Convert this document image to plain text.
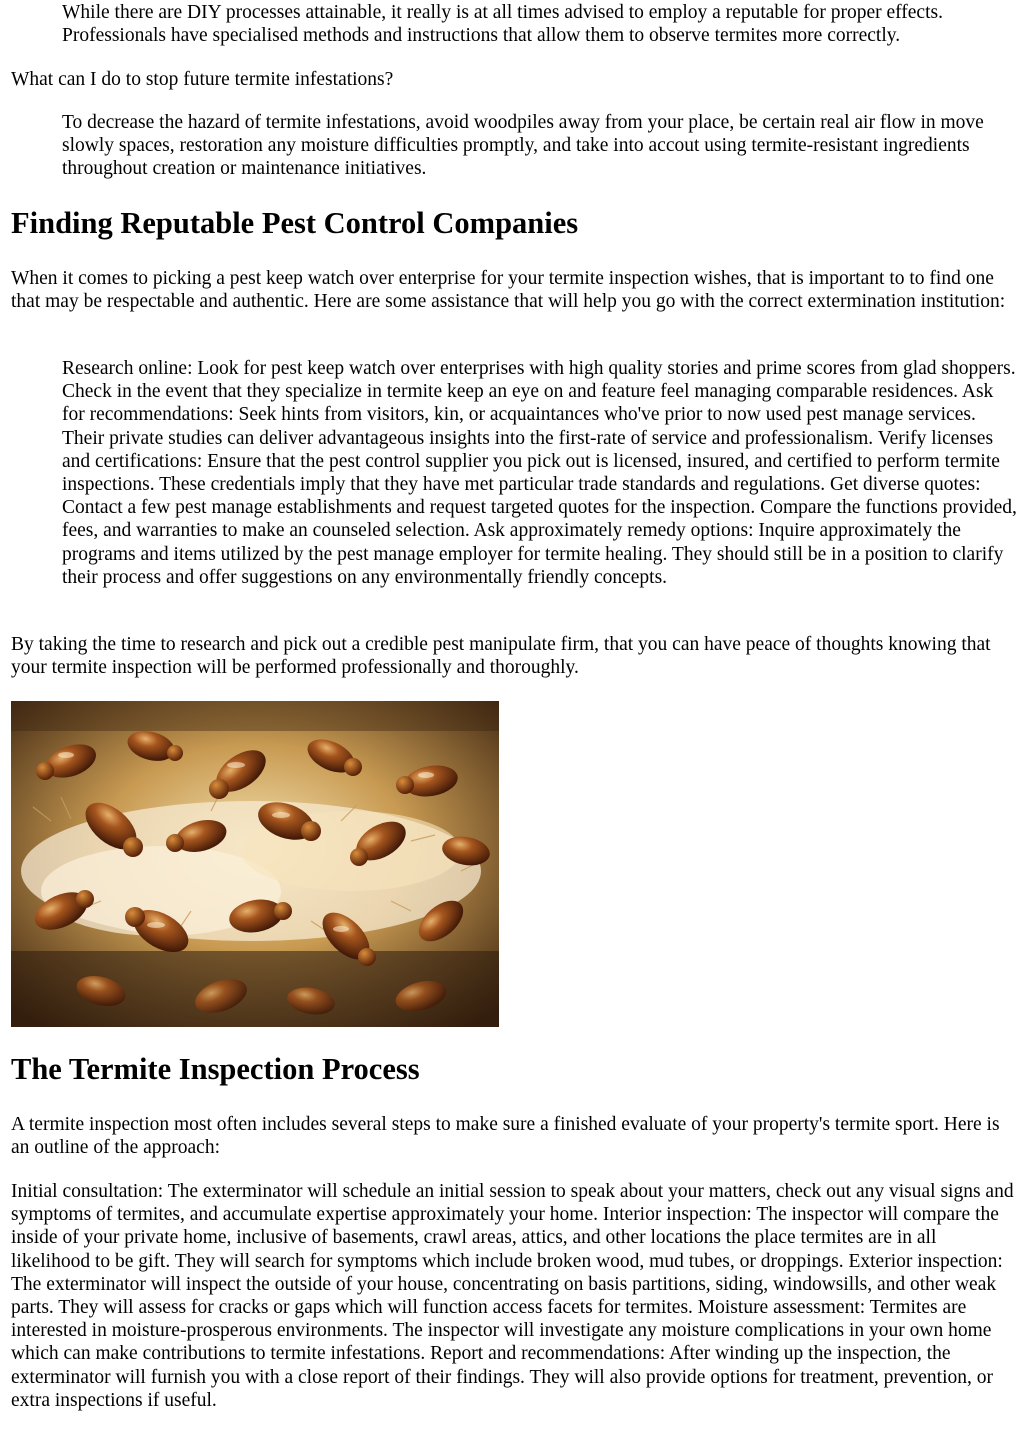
While there are DIY processes attainable, it really is at all times advised to employ a reputable for proper effects. Professionals have specialised methods and instructions that allow them to observe termites more correctly.

What can I do to stop future termite infestations?

To decrease the hazard of termite infestations, avoid woodpiles away from your place, be certain real air flow in move slowly spaces, restoration any moisture difficulties promptly, and take into accout using termite-resistant ingredients throughout creation or maintenance initiatives.

Finding Reputable Pest Control Companies

When it comes to picking a pest keep watch over enterprise for your termite inspection wishes, that is important to to find one that may be respectable and authentic. Here are some assistance that will help you go with the correct extermination institution:

Research online: Look for pest keep watch over enterprises with high quality stories and prime scores from glad shoppers. Check in the event that they specialize in termite keep an eye on and feature feel managing comparable residences. Ask for recommendations: Seek hints from visitors, kin, or acquaintances who've prior to now used pest manage services. Their private studies can deliver advantageous insights into the first-rate of service and professionalism. Verify licenses and certifications: Ensure that the pest control supplier you pick out is licensed, insured, and certified to perform termite inspections. These credentials imply that they have met particular trade standards and regulations. Get diverse quotes: Contact a few pest manage establishments and request targeted quotes for the inspection. Compare the functions provided, fees, and warranties to make an counseled selection. Ask approximately remedy options: Inquire approximately the programs and items utilized by the pest manage employer for termite healing. They should still be in a position to clarify their process and offer suggestions on any environmentally friendly concepts.

By taking the time to research and pick out a credible pest manipulate firm, that you can have peace of thoughts knowing that your termite inspection will be performed professionally and thoroughly.

The Termite Inspection Process

A termite inspection most often includes several steps to make sure a finished evaluate of your property's termite sport. Here is an outline of the approach:

Initial consultation: The exterminator will schedule an initial session to speak about your matters, check out any visual signs and symptoms of termites, and accumulate expertise approximately your home. Interior inspection: The inspector will compare the inside of your private home, inclusive of basements, crawl areas, attics, and other locations the place termites are in all likelihood to be gift. They will search for symptoms which include broken wood, mud tubes, or droppings. Exterior inspection: The exterminator will inspect the outside of your house, concentrating on basis partitions, siding, windowsills, and other weak parts. They will assess for cracks or gaps which will function access facets for termites. Moisture assessment: Termites are interested in moisture-prosperous environments. The inspector will investigate any moisture complications in your own home which can make contributions to termite infestations. Report and recommendations: After winding up the inspection, the exterminator will furnish you with a close report of their findings. They will also provide options for treatment, prevention, or extra inspections if useful.
